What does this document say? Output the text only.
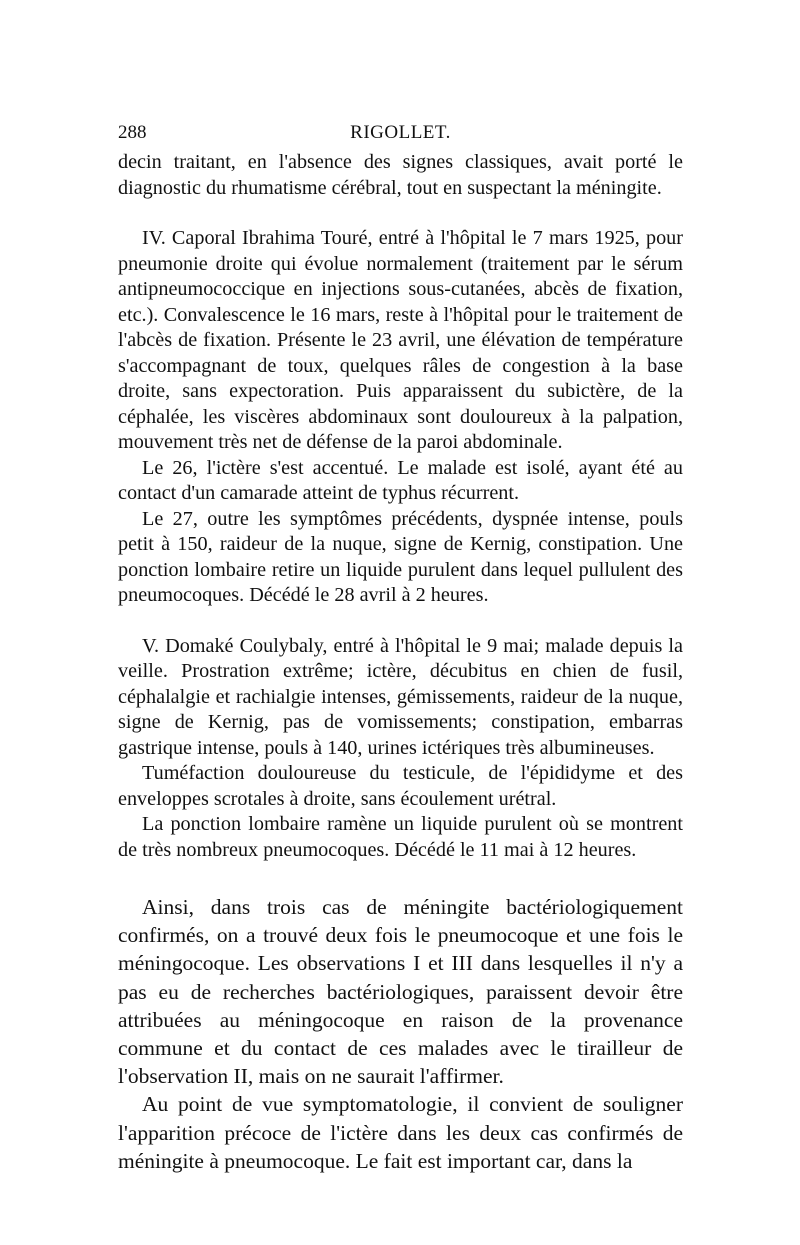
288	RIGOLLET.

decin traitant, en l'absence des signes classiques, avait porté le diagnostic du rhumatisme cérébral, tout en suspectant la méningite.

IV. Caporal Ibrahima Touré, entré à l'hôpital le 7 mars 1925, pour pneumonie droite qui évolue normalement (traitement par le sérum antipneumococcique en injections sous-cutanées, abcès de fixation, etc.). Convalescence le 16 mars, reste à l'hôpital pour le traitement de l'abcès de fixation. Présente le 23 avril, une élévation de température s'accompagnant de toux, quelques râles de congestion à la base droite, sans expectoration. Puis apparaissent du subictère, de la céphalée, les viscères abdominaux sont douloureux à la palpation, mouvement très net de défense de la paroi abdominale.

Le 26, l'ictère s'est accentué. Le malade est isolé, ayant été au contact d'un camarade atteint de typhus récurrent.

Le 27, outre les symptômes précédents, dyspnée intense, pouls petit à 150, raideur de la nuque, signe de Kernig, constipation. Une ponction lombaire retire un liquide purulent dans lequel pullulent des pneumocoques. Décédé le 28 avril à 2 heures.

V. Domaké Coulybaly, entré à l'hôpital le 9 mai; malade depuis la veille. Prostration extrême; ictère, décubitus en chien de fusil, céphalalgie et rachialgie intenses, gémissements, raideur de la nuque, signe de Kernig, pas de vomissements; constipation, embarras gastrique intense, pouls à 140, urines ictériques très albumineuses.

Tuméfaction douloureuse du testicule, de l'épididyme et des enveloppes scrotales à droite, sans écoulement urétral.

La ponction lombaire ramène un liquide purulent où se montrent de très nombreux pneumocoques. Décédé le 11 mai à 12 heures.

Ainsi, dans trois cas de méningite bactériologiquement confirmés, on a trouvé deux fois le pneumocoque et une fois le méningocoque. Les observations I et III dans lesquelles il n'y a pas eu de recherches bactériologiques, paraissent devoir être attribuées au méningocoque en raison de la provenance commune et du contact de ces malades avec le tirailleur de l'observation II, mais on ne saurait l'affirmer.

Au point de vue symptomatologie, il convient de souligner l'apparition précoce de l'ictère dans les deux cas confirmés de méningite à pneumocoque. Le fait est important car, dans la
